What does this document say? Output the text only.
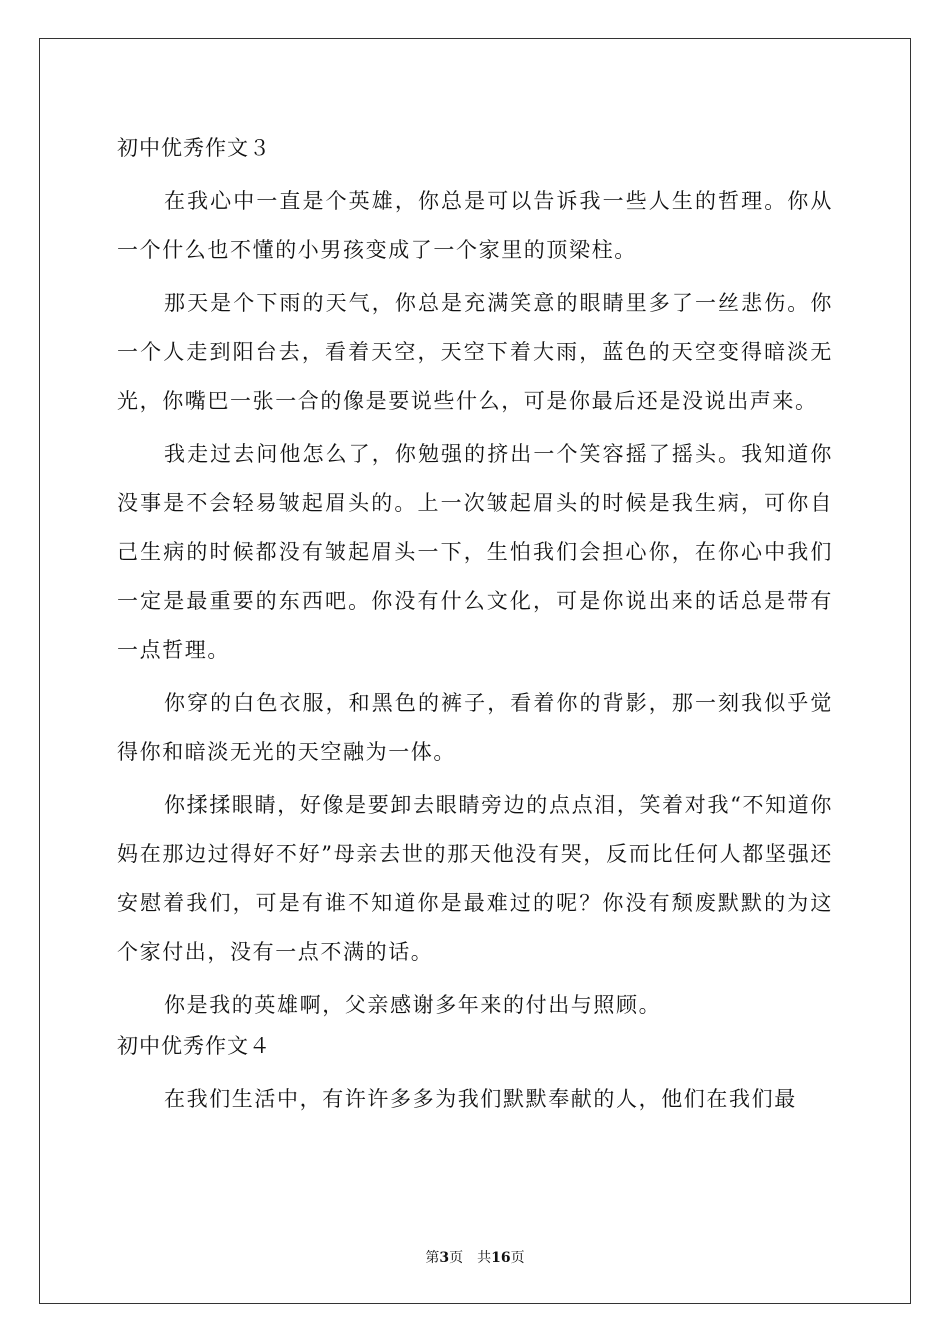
初中优秀作文３

在我心中一直是个英雄，你总是可以告诉我一些人生的哲理。你从一个什么也不懂的小男孩变成了一个家里的顶梁柱。

那天是个下雨的天气，你总是充满笑意的眼睛里多了一丝悲伤。你一个人走到阳台去，看着天空，天空下着大雨，蓝色的天空变得暗淡无光，你嘴巴一张一合的像是要说些什么，可是你最后还是没说出声来。

我走过去问他怎么了，你勉强的挤出一个笑容摇了摇头。我知道你没事是不会轻易皱起眉头的。上一次皱起眉头的时候是我生病，可你自己生病的时候都没有皱起眉头一下，生怕我们会担心你，在你心中我们一定是最重要的东西吧。你没有什么文化，可是你说出来的话总是带有一点哲理。

你穿的白色衣服，和黑色的裤子，看着你的背影，那一刻我似乎觉得你和暗淡无光的天空融为一体。

你揉揉眼睛，好像是要卸去眼睛旁边的点点泪，笑着对我“不知道你妈在那边过得好不好”母亲去世的那天他没有哭，反而比任何人都坚强还安慰着我们，可是有谁不知道你是最难过的呢？你没有颓废默默的为这个家付出，没有一点不满的话。

你是我的英雄啊，父亲感谢多年来的付出与照顾。

初中优秀作文４

在我们生活中，有许许多多为我们默默奉献的人，他们在我们最

第3页　共16页
